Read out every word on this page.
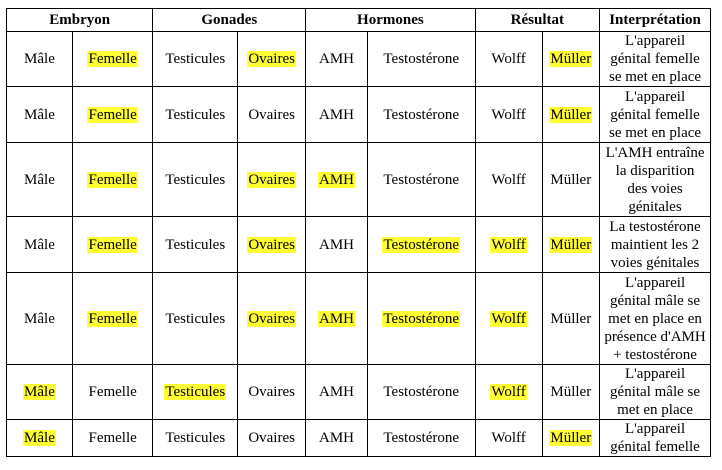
Embryon		Gonades		Hormones		Résultat		Interprétation
Mâle	Femelle	Testicules	Ovaires	AMH	Testostérone	Wolff	Müller	L'appareil
génital femelle
se met en place

Mâle	Femelle	Testicules	Ovaires	AMH	Testostérone	Wolff	Müller	L'appareil
génital femelle
se met en place

Mâle	Femelle	Testicules	Ovaires	AMH	Testostérone	Wolff	Müller	L'AMH entraîne
la disparition
des voies
génitales

Mâle	Femelle	Testicules	Ovaires	AMH	Testostérone	Wolff	Müller	La testostérone
maintient les 2
voies génitales

Mâle	Femelle	Testicules	Ovaires	AMH	Testostérone	Wolff	Müller	L'appareil
génital mâle se
met en place en
présence d'AMH
+ testostérone

Mâle	Femelle	Testicules	Ovaires	AMH	Testostérone	Wolff	Müller	L'appareil
génital mâle se
met en place

Mâle	Femelle	Testicules	Ovaires	AMH	Testostérone	Wolff	Müller	L'appareil
génital femelle
